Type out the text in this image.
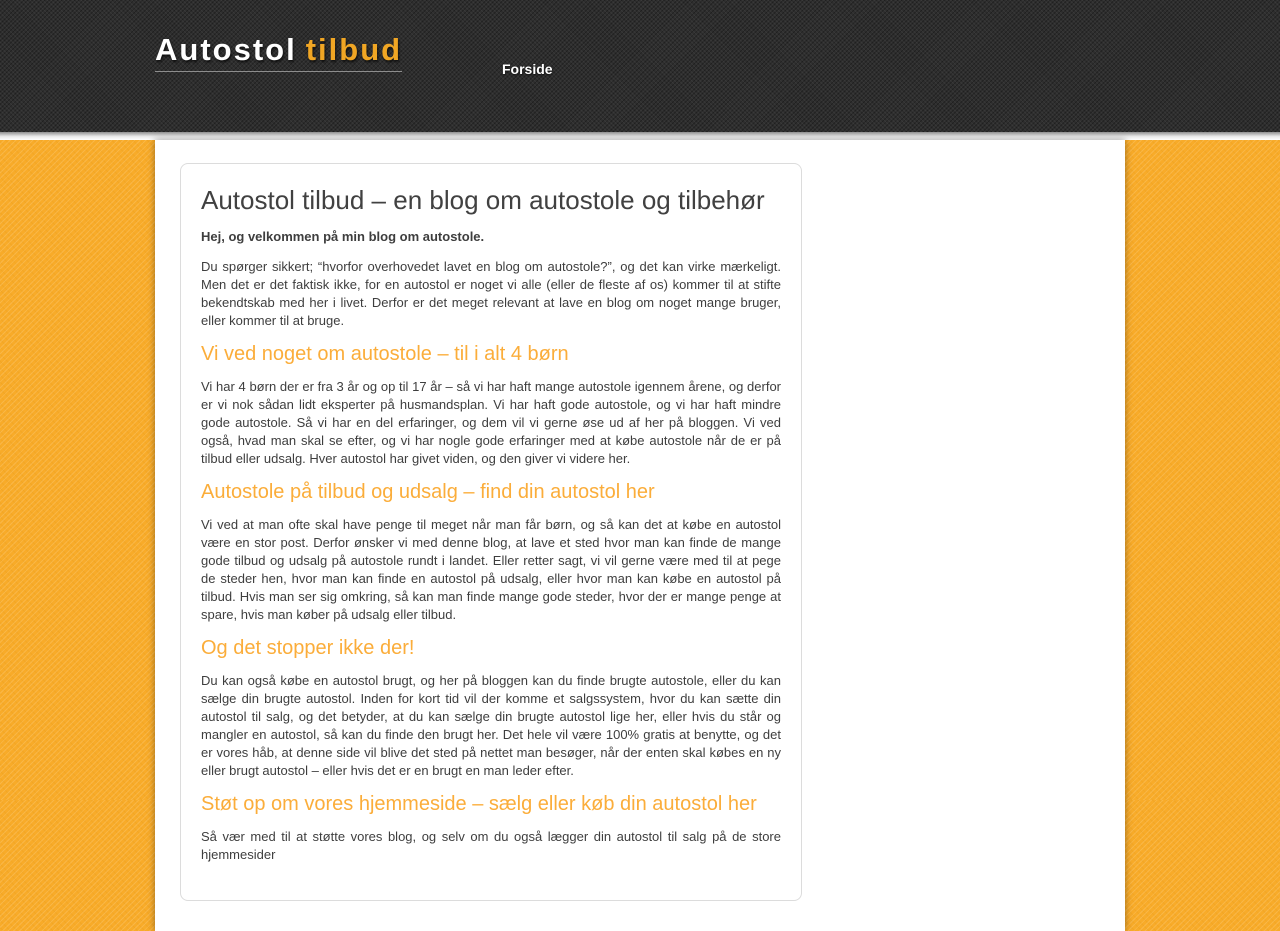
Autostol tilbud
Forside
Autostol tilbud – en blog om autostole og tilbehør

Hej, og velkommen på min blog om autostole.

Du spørger sikkert; “hvorfor overhovedet lavet en blog om autostole?”, og det kan virke mærkeligt. Men det er det faktisk ikke, for en autostol er noget vi alle (eller de fleste af os) kommer til at stifte bekendtskab med her i livet. Derfor er det meget relevant at lave en blog om noget mange bruger, eller kommer til at bruge.

Vi ved noget om autostole – til i alt 4 børn

Vi har 4 børn der er fra 3 år og op til 17 år – så vi har haft mange autostole igennem årene, og derfor er vi nok sådan lidt eksperter på husmandsplan. Vi har haft gode autostole, og vi har haft mindre gode autostole. Så vi har en del erfaringer, og dem vil vi gerne øse ud af her på bloggen. Vi ved også, hvad man skal se efter, og vi har nogle gode erfaringer med at købe autostole når de er på tilbud eller udsalg. Hver autostol har givet viden, og den giver vi videre her.

Autostole på tilbud og udsalg – find din autostol her

Vi ved at man ofte skal have penge til meget når man får børn, og så kan det at købe en autostol være en stor post. Derfor ønsker vi med denne blog, at lave et sted hvor man kan finde de mange gode tilbud og udsalg på autostole rundt i landet. Eller retter sagt, vi vil gerne være med til at pege de steder hen, hvor man kan finde en autostol på udsalg, eller hvor man kan købe en autostol på tilbud. Hvis man ser sig omkring, så kan man finde mange gode steder, hvor der er mange penge at spare, hvis man køber på udsalg eller tilbud.

Og det stopper ikke der!

Du kan også købe en autostol brugt, og her på bloggen kan du finde brugte autostole, eller du kan sælge din brugte autostol. Inden for kort tid vil der komme et salgssystem, hvor du kan sætte din autostol til salg, og det betyder, at du kan sælge din brugte autostol lige her, eller hvis du står og mangler en autostol, så kan du finde den brugt her. Det hele vil være 100% gratis at benytte, og det er vores håb, at denne side vil blive det sted på nettet man besøger, når der enten skal købes en ny eller brugt autostol – eller hvis det er en brugt en man leder efter.

Støt op om vores hjemmeside – sælg eller køb din autostol her

Så vær med til at støtte vores blog, og selv om du også lægger din autostol til salg på de store hjemmesider
